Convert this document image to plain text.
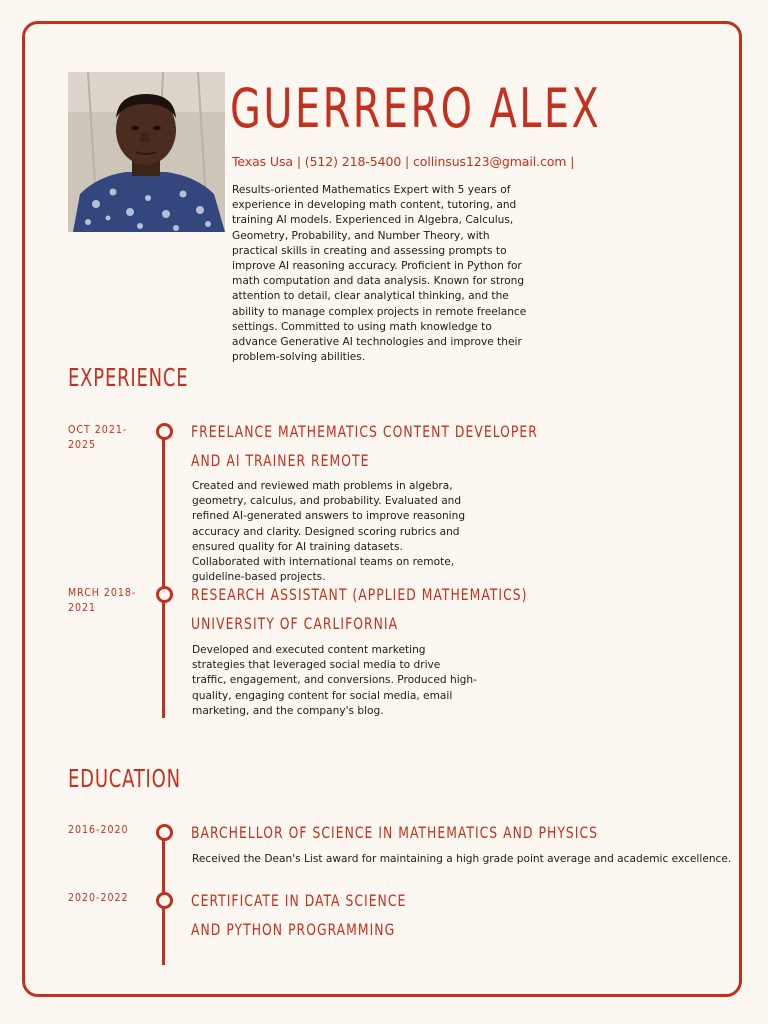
GUERRERO ALEX
Texas Usa | (512) 218-5400 | collinsus123@gmail.com |

Results-oriented Mathematics Expert with 5 years of experience in developing math content, tutoring, and training AI models. Experienced in Algebra, Calculus, Geometry, Probability, and Number Theory, with practical skills in creating and assessing prompts to improve AI reasoning accuracy. Proficient in Python for math computation and data analysis. Known for strong attention to detail, clear analytical thinking, and the ability to manage complex projects in remote freelance settings. Committed to using math knowledge to advance Generative AI technologies and improve their problem-solving abilities.

EXPERIENCE
OCT 2021-2025
FREELANCE MATHEMATICS CONTENT DEVELOPER AND AI TRAINER REMOTE

Created and reviewed math problems in algebra, geometry, calculus, and probability. Evaluated and refined AI-generated answers to improve reasoning accuracy and clarity. Designed scoring rubrics and ensured quality for AI training datasets. Collaborated with international teams on remote, guideline-based projects.

MRCH 2018-2021
RESEARCH ASSISTANT (APPLIED MATHEMATICS) UNIVERSITY OF CARLIFORNIA

Developed and executed content marketing strategies that leveraged social media to drive traffic, engagement, and conversions. Produced high-quality, engaging content for social media, email marketing, and the company's blog.

EDUCATION
2016-2020	BARCHELLOR OF SCIENCE IN MATHEMATICS AND PHYSICS

Received the Dean's List award for maintaining a high grade point average and academic excellence.

2020-2022	CERTIFICATE IN DATA SCIENCE AND PYTHON PROGRAMMING
